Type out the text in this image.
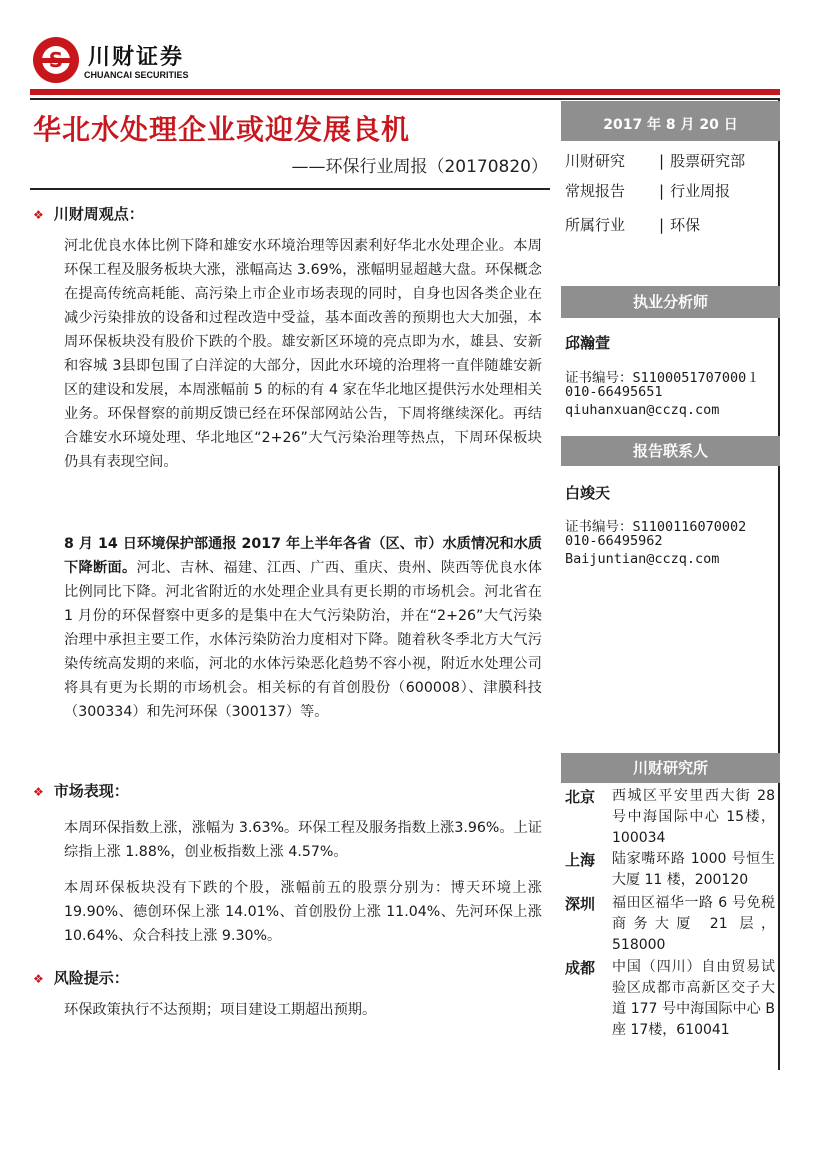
S	川财证券
CHUANCAI SECURITIES
华北水处理企业或迎发展良机
——环保行业周报（20170820）
❖ 川财周观点：
河北优良水体比例下降和雄安水环境治理等因素利好华北水处理企业。本周环保工程及服务板块大涨，涨幅高达 3.69%，涨幅明显超越大盘。环保概念在提高传统高耗能、高污染上市企业市场表现的同时，自身也因各类企业在减少污染排放的设备和过程改造中受益，基本面改善的预期也大大加强，本周环保板块没有股价下跌的个股。雄安新区环境的亮点即为水，雄县、安新和容城 3县即包围了白洋淀的大部分，因此水环境的治理将一直伴随雄安新区的建设和发展，本周涨幅前 5 的标的有 4 家在华北地区提供污水处理相关业务。环保督察的前期反馈已经在环保部网站公告，下周将继续深化。再结合雄安水环境处理、华北地区“2+26”大气污染治理等热点，下周环保板块仍具有表现空间。
8 月 14 日环境保护部通报 2017 年上半年各省（区、市）水质情况和水质下降断面。河北、吉林、福建、江西、广西、重庆、贵州、陕西等优良水体比例同比下降。河北省附近的水处理企业具有更长期的市场机会。河北省在 1 月份的环保督察中更多的是集中在大气污染防治，并在“2+26”大气污染治理中承担主要工作，水体污染防治力度相对下降。随着秋冬季北方大气污染传统高发期的来临，河北的水体污染恶化趋势不容小视，附近水处理公司将具有更为长期的市场机会。相关标的有首创股份（600008）、津膜科技（300334）和先河环保（300137）等。
❖ 市场表现：
本周环保指数上涨，涨幅为 3.63%。环保工程及服务指数上涨3.96%。上证综指上涨 1.88%，创业板指数上涨 4.57%。
本周环保板块没有下跌的个股，涨幅前五的股票分别为：博天环境上涨 19.90%、德创环保上涨 14.01%、首创股份上涨 11.04%、先河环保上涨 10.64%、众合科技上涨 9.30%。
❖ 风险提示：
环保政策执行不达预期；项目建设工期超出预期。
2017 年 8 月 20 日
川财研究	| 股票研究部
常规报告	| 行业周报
所属行业	| 环保
执业分析师
邱瀚萱
证书编号：S1100051707000１
010-66495651
qiuhanxuan@cczq.com
报告联系人
白竣天
证书编号：S1100116070002
010-66495962
Baijuntian@cczq.com
川财研究所
北京 西城区平安里西大街 28 号中海国际中心 15楼，100034
上海 陆家嘴环路 1000 号恒生大厦 11 楼，200120
深圳 福田区福华一路 6 号免税商务大厦 21 层，518000
成都 中国（四川）自由贸易试验区成都市高新区交子大道 177 号中海国际中心 B 座 17楼，610041
